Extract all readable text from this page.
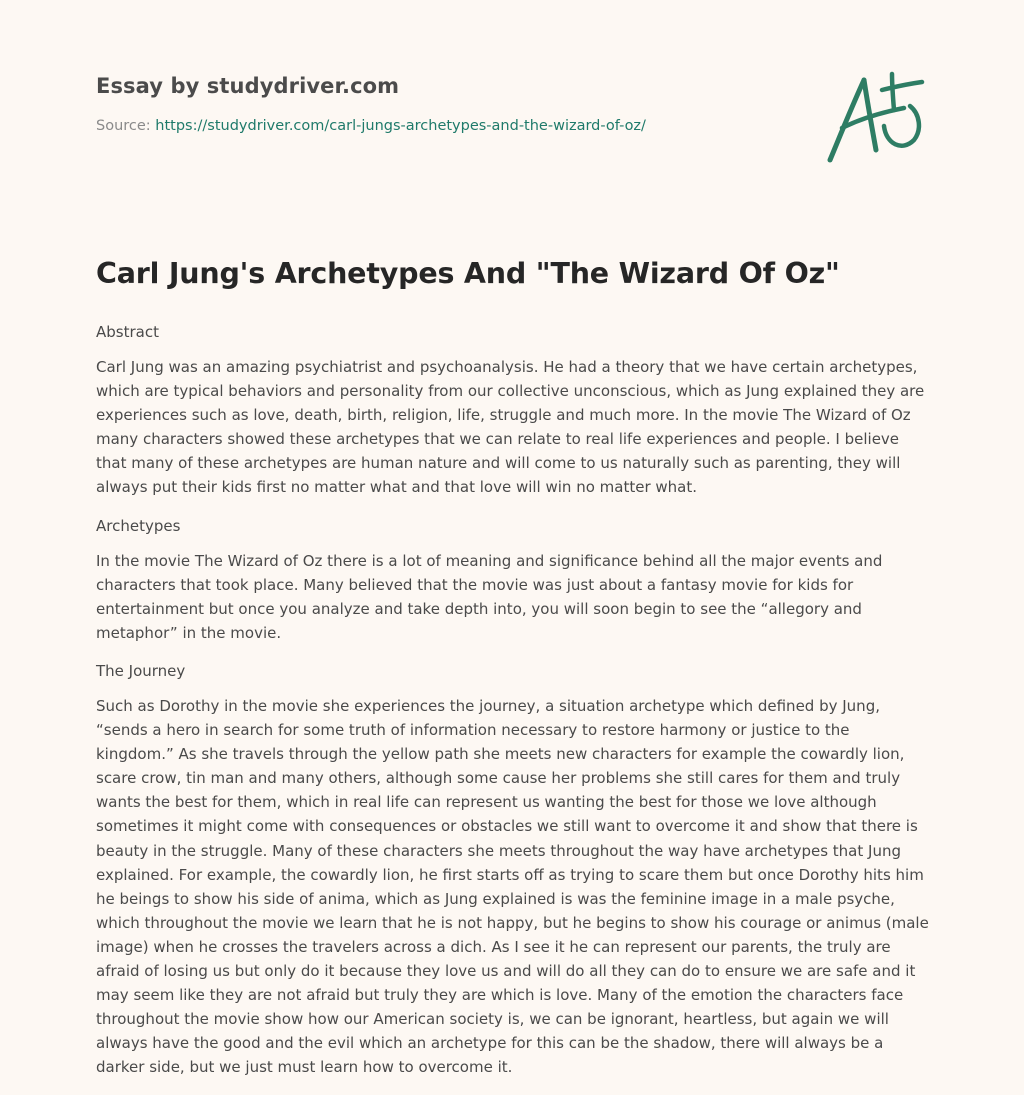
Essay by studydriver.com

Source: https://studydriver.com/carl-jungs-archetypes-and-the-wizard-of-oz/
Carl Jung's Archetypes And "The Wizard Of Oz"

Abstract

Carl Jung was an amazing psychiatrist and psychoanalysis. He had a theory that we have certain archetypes, which are typical behaviors and personality from our collective unconscious, which as Jung explained they are experiences such as love, death, birth, religion, life, struggle and much more. In the movie The Wizard of Oz many characters showed these archetypes that we can relate to real life experiences and people. I believe that many of these archetypes are human nature and will come to us naturally such as parenting, they will always put their kids first no matter what and that love will win no matter what.

Archetypes

In the movie The Wizard of Oz there is a lot of meaning and significance behind all the major events and characters that took place. Many believed that the movie was just about a fantasy movie for kids for entertainment but once you analyze and take depth into, you will soon begin to see the “allegory and metaphor” in the movie.

The Journey

Such as Dorothy in the movie she experiences the journey, a situation archetype which defined by Jung, “sends a hero in search for some truth of information necessary to restore harmony or justice to the kingdom.” As she travels through the yellow path she meets new characters for example the cowardly lion, scare crow, tin man and many others, although some cause her problems she still cares for them and truly wants the best for them, which in real life can represent us wanting the best for those we love although sometimes it might come with consequences or obstacles we still want to overcome it and show that there is beauty in the struggle. Many of these characters she meets throughout the way have archetypes that Jung explained. For example, the cowardly lion, he first starts off as trying to scare them but once Dorothy hits him he beings to show his side of anima, which as Jung explained is was the feminine image in a male psyche, which throughout the movie we learn that he is not happy, but he begins to show his courage or animus (male image) when he crosses the travelers across a dich. As I see it he can represent our parents, the truly are afraid of losing us but only do it because they love us and will do all they can do to ensure we are safe and it may seem like they are not afraid but truly they are which is love. Many of the emotion the characters face throughout the movie show how our American society is, we can be ignorant, heartless, but again we will always have the good and the evil which an archetype for this can be the shadow, there will always be a darker side, but we just must learn how to overcome it.
